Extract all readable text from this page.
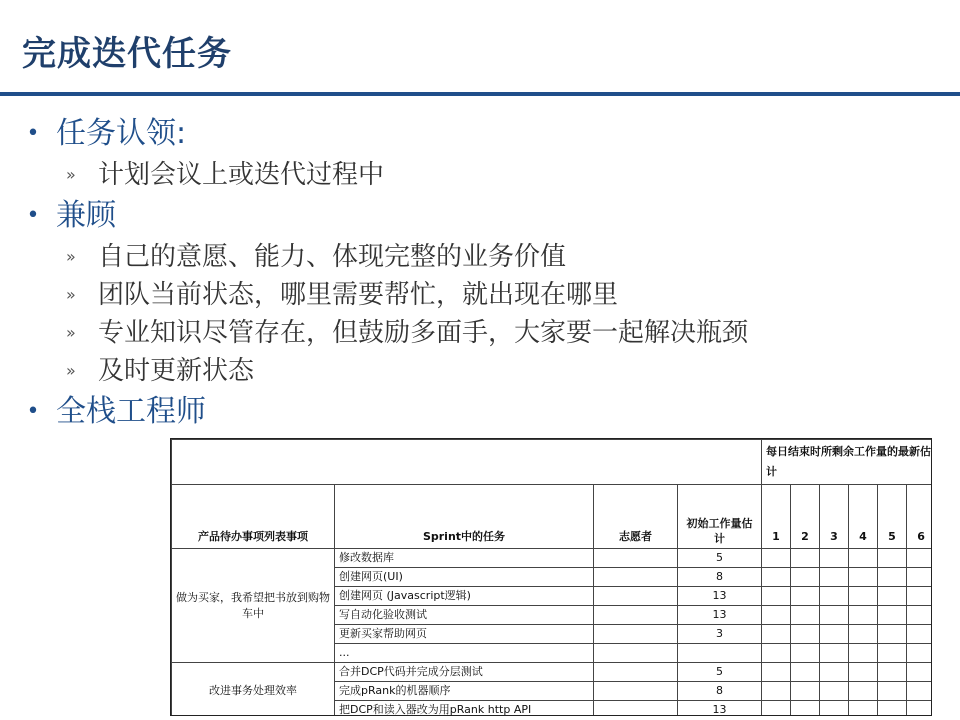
完成迭代任务
• 任务认领:
» 计划会议上或迭代过程中
• 兼顾
» 自己的意愿、能力、体现完整的业务价值
» 团队当前状态，哪里需要帮忙，就出现在哪里
» 专业知识尽管存在，但鼓励多面手，大家要一起解决瓶颈
» 及时更新状态
• 全栈工程师
				每日结束时所剩余工作量的最新估计					
产品待办事项列表事项	Sprint中的任务	志愿者	初始工作量估计	1	2	3	4	5	6
做为买家，我希望把书放到购物车中	修改数据库		5						
	创建网页(UI)		8						
	创建网页 (Javascript逻辑)		13						
	写自动化验收测试		13						
	更新买家帮助网页		3						
	...								
改进事务处理效率	合并DCP代码并完成分层测试		5						
	完成pRank的机器顺序		8						
	把DCP和读入器改为用pRank http API		13						
